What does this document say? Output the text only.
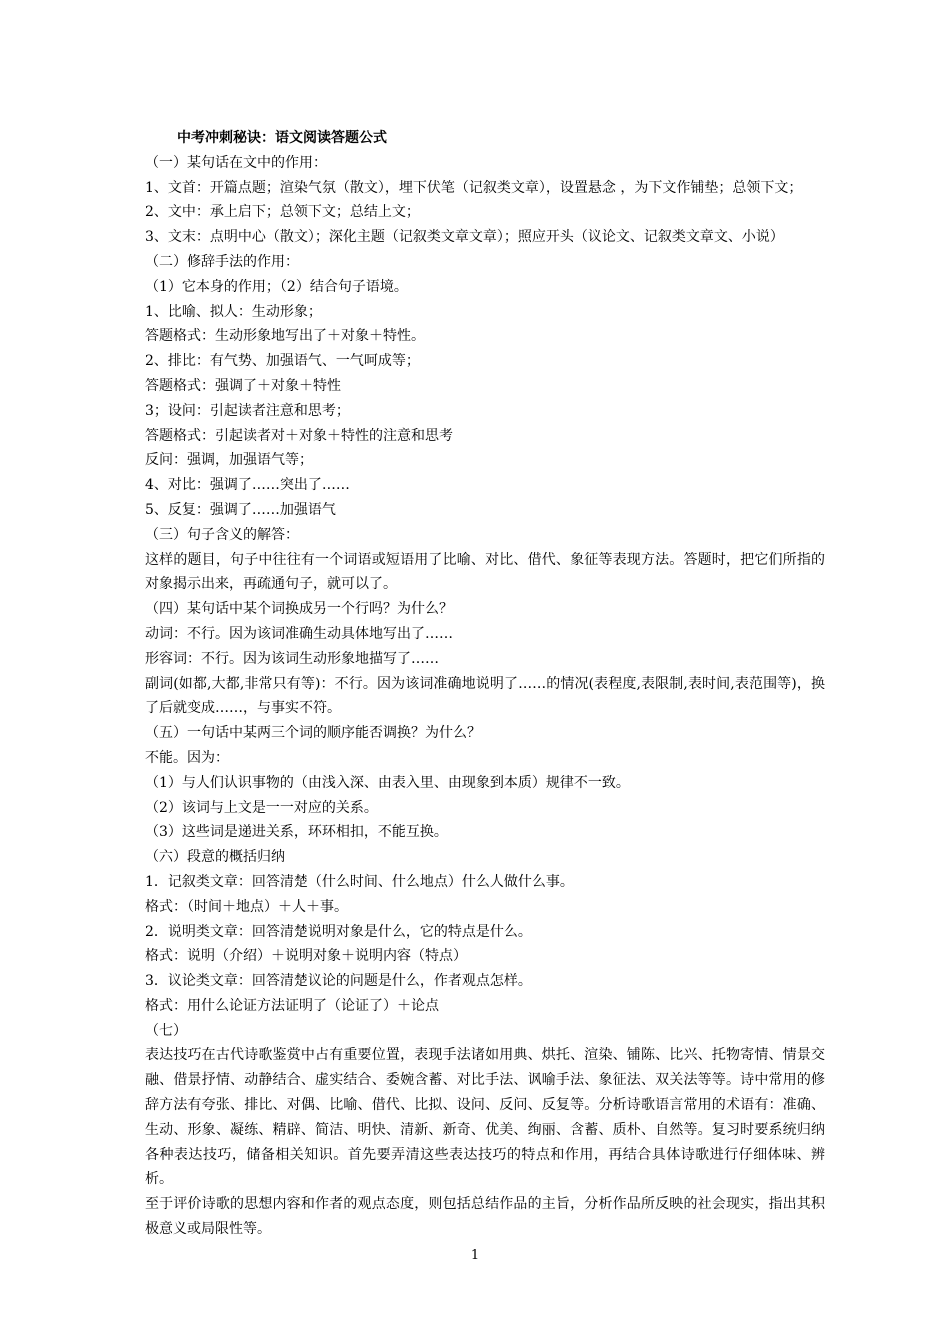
中考冲刺秘诀：语文阅读答题公式
（一）某句话在文中的作用：
1、文首：开篇点题；渲染气氛（散文），埋下伏笔（记叙类文章），设置悬念 ，为下文作铺垫；总领下文；
2、文中：承上启下；总领下文；总结上文；
3、文末：点明中心（散文）；深化主题（记叙类文章文章）；照应开头（议论文、记叙类文章文、小说）
（二）修辞手法的作用：
（1）它本身的作用；（2）结合句子语境。
1、比喻、拟人：生动形象；
答题格式：生动形象地写出了＋对象＋特性。
2、排比：有气势、加强语气、一气呵成等；
答题格式：强调了＋对象＋特性
3；设问：引起读者注意和思考；
答题格式：引起读者对＋对象＋特性的注意和思考
反问：强调，加强语气等；
4、对比：强调了……突出了……
5、反复：强调了……加强语气
（三）句子含义的解答：
这样的题目，句子中往往有一个词语或短语用了比喻、对比、借代、象征等表现方法。答题时，把它们所指的对象揭示出来，再疏通句子，就可以了。
（四）某句话中某个词换成另一个行吗？为什么？
动词：不行。因为该词准确生动具体地写出了……
形容词：不行。因为该词生动形象地描写了……
副词(如都,大都,非常只有等)：不行。因为该词准确地说明了……的情况(表程度,表限制,表时间,表范围等)，换了后就变成……，与事实不符。
（五）一句话中某两三个词的顺序能否调换？为什么？
不能。因为：
（1）与人们认识事物的（由浅入深、由表入里、由现象到本质）规律不一致。
（2）该词与上文是一一对应的关系。
（3）这些词是递进关系，环环相扣，不能互换。
（六）段意的概括归纳
1．记叙类文章：回答清楚（什么时间、什么地点）什么人做什么事。
格式：（时间＋地点）＋人＋事。
2．说明类文章：回答清楚说明对象是什么，它的特点是什么。
格式：说明（介绍）＋说明对象＋说明内容（特点）
3．议论类文章：回答清楚议论的问题是什么，作者观点怎样。
格式：用什么论证方法证明了（论证了）＋论点
（七）
表达技巧在古代诗歌鉴赏中占有重要位置，表现手法诸如用典、烘托、渲染、铺陈、比兴、托物寄情、情景交融、借景抒情、动静结合、虚实结合、委婉含蓄、对比手法、讽喻手法、象征法、双关法等等。诗中常用的修辞方法有夸张、排比、对偶、比喻、借代、比拟、设问、反问、反复等。分析诗歌语言常用的术语有：准确、生动、形象、凝练、精辟、简洁、明快、清新、新奇、优美、绚丽、含蓄、质朴、自然等。复习时要系统归纳各种表达技巧，储备相关知识。首先要弄清这些表达技巧的特点和作用，再结合具体诗歌进行仔细体味、辨析。
至于评价诗歌的思想内容和作者的观点态度，则包括总结作品的主旨，分析作品所反映的社会现实，指出其积极意义或局限性等。
1
